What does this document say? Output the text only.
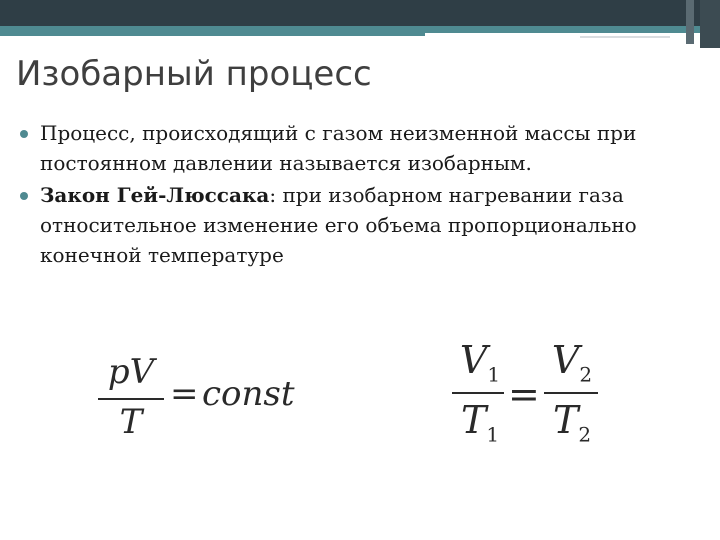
Изобарный процесс
Процесс, происходящий с газом неизменной массы при постоянном давлении называется изобарным.
Закон Гей-Люссака: при изобарном нагревании газа относительное изменение его объема пропорционально конечной температуре
pV
T
= const
$V_1$
$T_1$
=
$V_2$
$T_2$
